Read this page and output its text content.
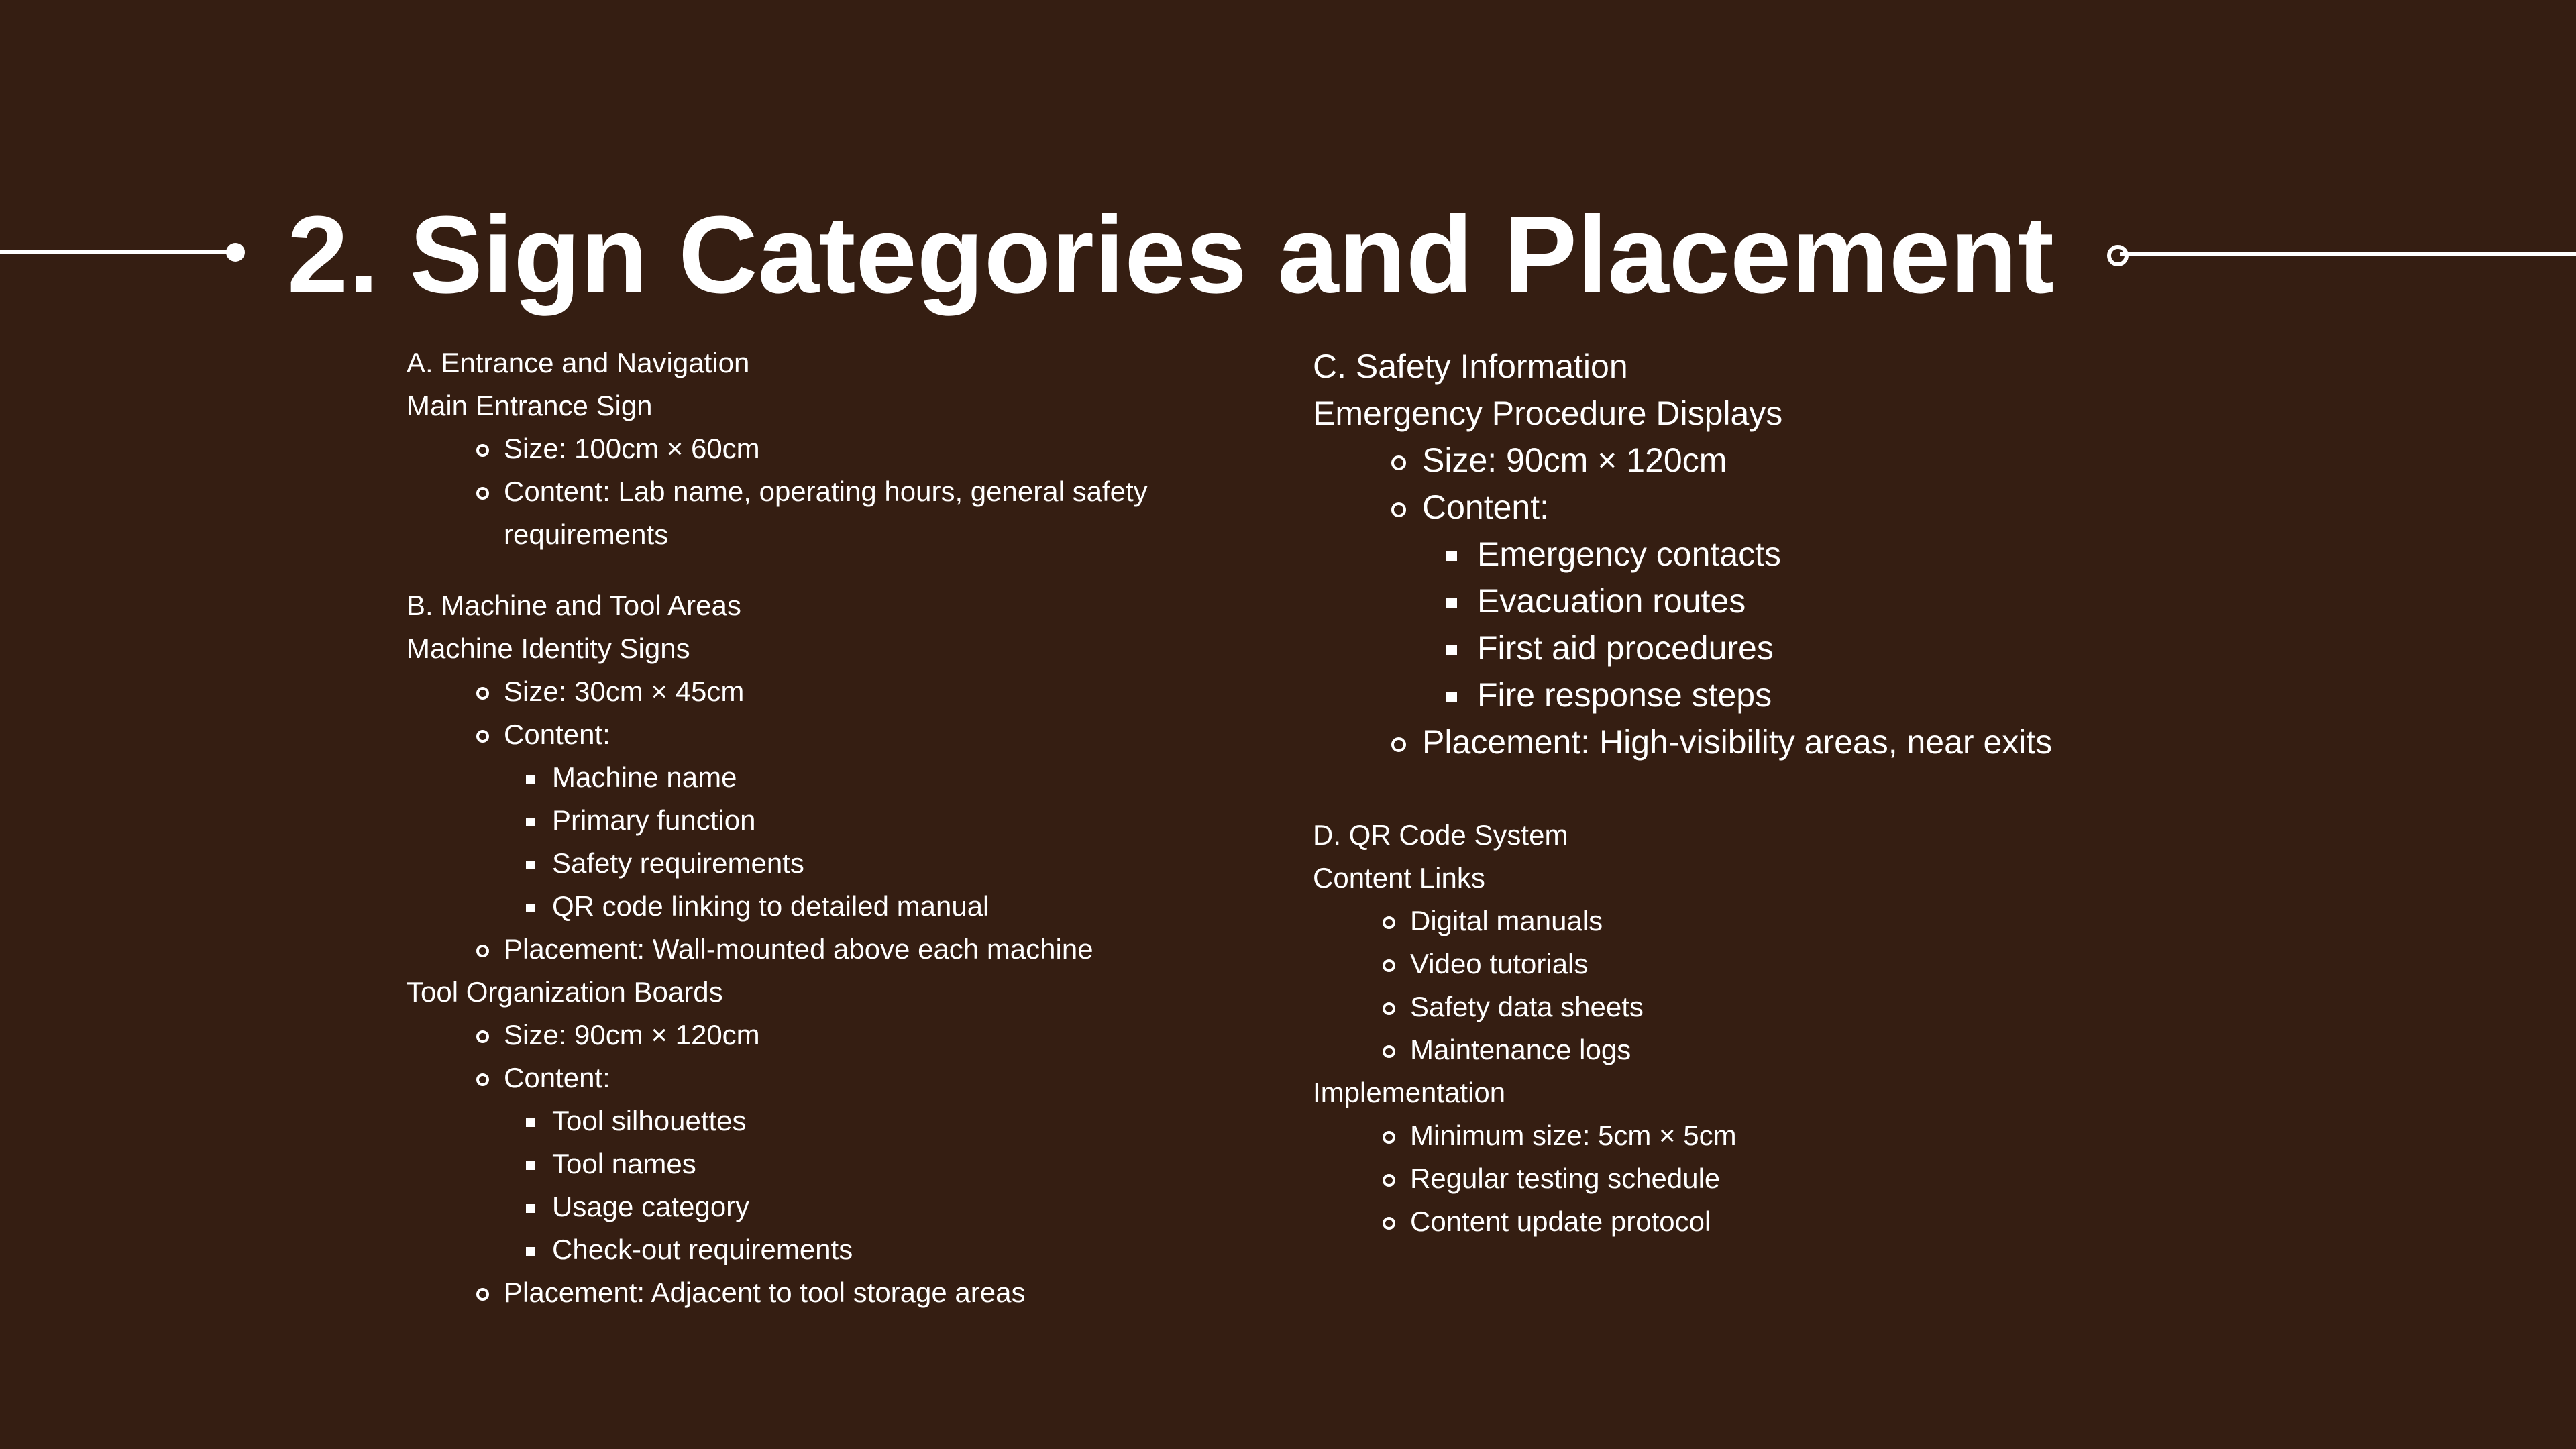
2. Sign Categories and Placement
A. Entrance and Navigation
Main Entrance Sign
Size: 100cm × 60cm
Content: Lab name, operating hours, general safety
requirements
B. Machine and Tool Areas
Machine Identity Signs
Size: 30cm × 45cm
Content:
Machine name
Primary function
Safety requirements
QR code linking to detailed manual
Placement: Wall-mounted above each machine
Tool Organization Boards
Size: 90cm × 120cm
Content:
Tool silhouettes
Tool names
Usage category
Check-out requirements
Placement: Adjacent to tool storage areas
C. Safety Information
Emergency Procedure Displays
Size: 90cm × 120cm
Content:
Emergency contacts
Evacuation routes
First aid procedures
Fire response steps
Placement: High-visibility areas, near exits
D. QR Code System
Content Links
Digital manuals
Video tutorials
Safety data sheets
Maintenance logs
Implementation
Minimum size: 5cm × 5cm
Regular testing schedule
Content update protocol
